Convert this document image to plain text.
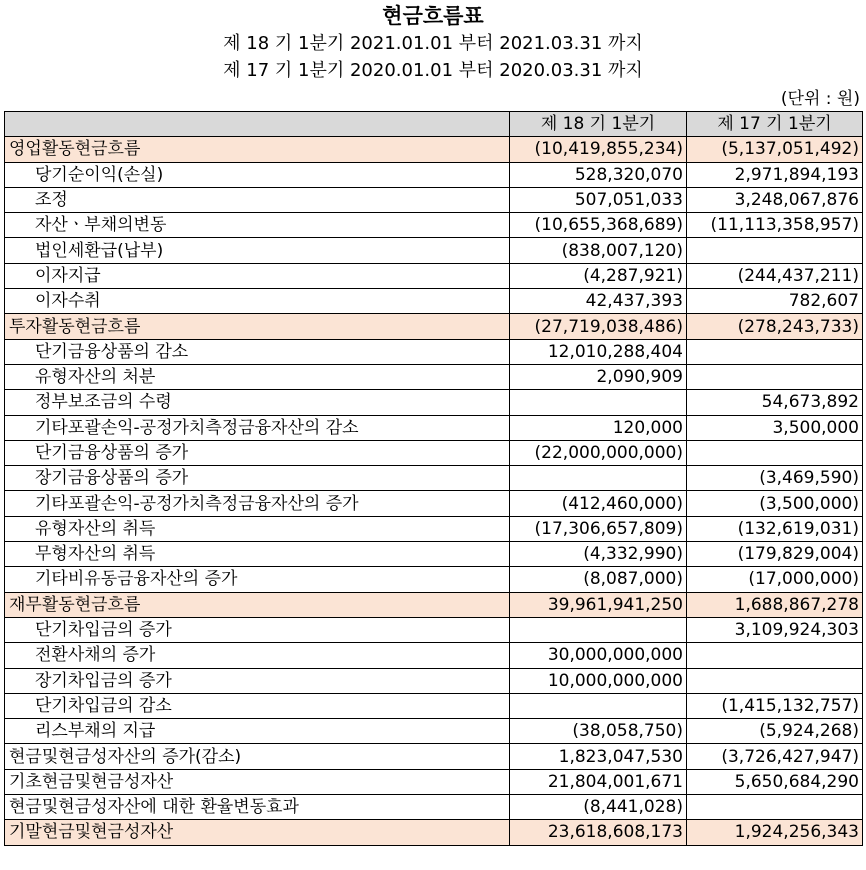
현금흐름표
제 18 기 1분기 2021.01.01 부터 2021.03.31 까지
제 17 기 1분기 2020.01.01 부터 2020.03.31 까지
(단위 : 원)
	제 18 기 1분기	제 17 기 1분기
영업활동현금흐름	(10,419,855,234)	(5,137,051,492)
당기순이익(손실)	528,320,070	2,971,894,193
조정	507,051,033	3,248,067,876
자산ㆍ부채의변동	(10,655,368,689)	(11,113,358,957)
법인세환급(납부)	(838,007,120)	
이자지급	(4,287,921)	(244,437,211)
이자수취	42,437,393	782,607
투자활동현금흐름	(27,719,038,486)	(278,243,733)
단기금융상품의 감소	12,010,288,404	
유형자산의 처분	2,090,909	
정부보조금의 수령		54,673,892
기타포괄손익-공정가치측정금융자산의 감소	120,000	3,500,000
단기금융상품의 증가	(22,000,000,000)	
장기금융상품의 증가		(3,469,590)
기타포괄손익-공정가치측정금융자산의 증가	(412,460,000)	(3,500,000)
유형자산의 취득	(17,306,657,809)	(132,619,031)
무형자산의 취득	(4,332,990)	(179,829,004)
기타비유동금융자산의 증가	(8,087,000)	(17,000,000)
재무활동현금흐름	39,961,941,250	1,688,867,278
단기차입금의 증가		3,109,924,303
전환사채의 증가	30,000,000,000	
장기차입금의 증가	10,000,000,000	
단기차입금의 감소		(1,415,132,757)
리스부채의 지급	(38,058,750)	(5,924,268)
현금및현금성자산의 증가(감소)	1,823,047,530	(3,726,427,947)
기초현금및현금성자산	21,804,001,671	5,650,684,290
현금및현금성자산에 대한 환율변동효과	(8,441,028)	
기말현금및현금성자산	23,618,608,173	1,924,256,343
